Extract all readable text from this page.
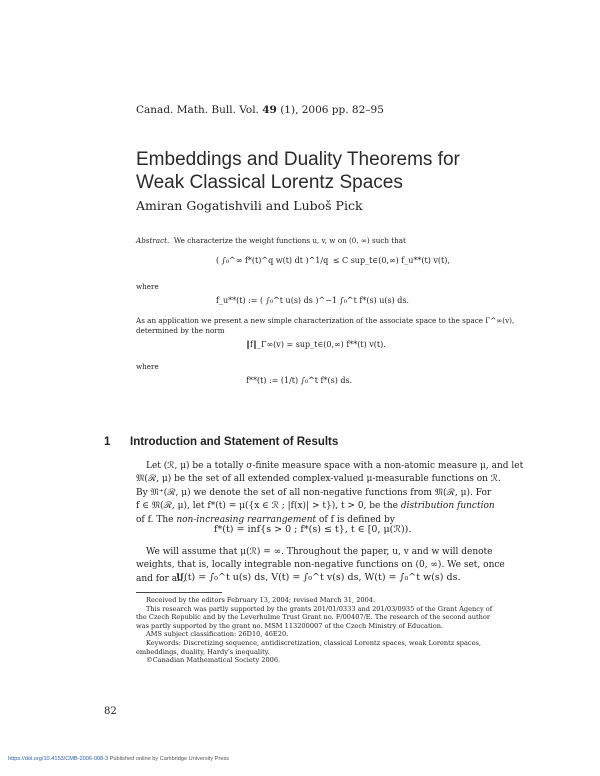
Canad. Math. Bull. Vol. 49 (1), 2006 pp. 82–95
Embeddings and Duality Theorems for
Weak Classical Lorentz Spaces
Amiran Gogatishvili and Luboš Pick
Abstract. We characterize the weight functions u, v, w on (0, ∞) such that
( ∫₀^∞ f*(t)^q w(t) dt )^1/q ≤ C sup_t∈(0,∞) f_u**(t) v(t),
where
f_u**(t) := ( ∫₀^t u(s) ds )^−1 ∫₀^t f*(s) u(s) ds.
As an application we present a new simple characterization of the associate space to the space Γ^∞(v),
determined by the norm
‖f‖_Γ∞(v) = sup_t∈(0,∞) f**(t) v(t).
where
f**(t) := (1/t) ∫₀^t f*(s) ds.
1 Introduction and Statement of Results
Let (ℛ, μ) be a totally σ-finite measure space with a non-atomic measure μ, and let
𝔐(ℛ, μ) be the set of all extended complex-valued μ-measurable functions on ℛ.
By 𝔐⁺(ℛ, μ) we denote the set of all non-negative functions from 𝔐(ℛ, μ). For
f ∈ 𝔐(ℛ, μ), let f*(t) = μ({x ∈ ℛ ; |f(x)| > t}), t > 0, be the distribution function
of f. The non-increasing rearrangement of f is defined by
f*(t) = inf{s > 0 ; f*(s) ≤ t}, t ∈ [0, μ(ℛ)).
We will assume that μ(ℛ) = ∞. Throughout the paper, u, v and w will denote
weights, that is, locally integrable non-negative functions on (0, ∞). We set, once
and for all,
U(t) = ∫₀^t u(s) ds, V(t) = ∫₀^t v(s) ds, W(t) = ∫₀^t w(s) ds.
Received by the editors February 13, 2004; revised March 31, 2004.
This research was partly supported by the grants 201/01/0333 and 201/03/0935 of the Grant Agency of
the Czech Republic and by the Leverhulme Trust Grant no. F/00407/E. The research of the second author
was partly supported by the grant no. MSM 113200007 of the Czech Ministry of Education.
AMS subject classification: 26D10, 46E20.
Keywords: Discretizing sequence, antidiscretization, classical Lorentz spaces, weak Lorentz spaces,
embeddings, duality, Hardy's inequality.
©Canadian Mathematical Society 2006.
82
https://doi.org/10.4153/CMB-2006-008-3 Published online by Cambridge University Press
